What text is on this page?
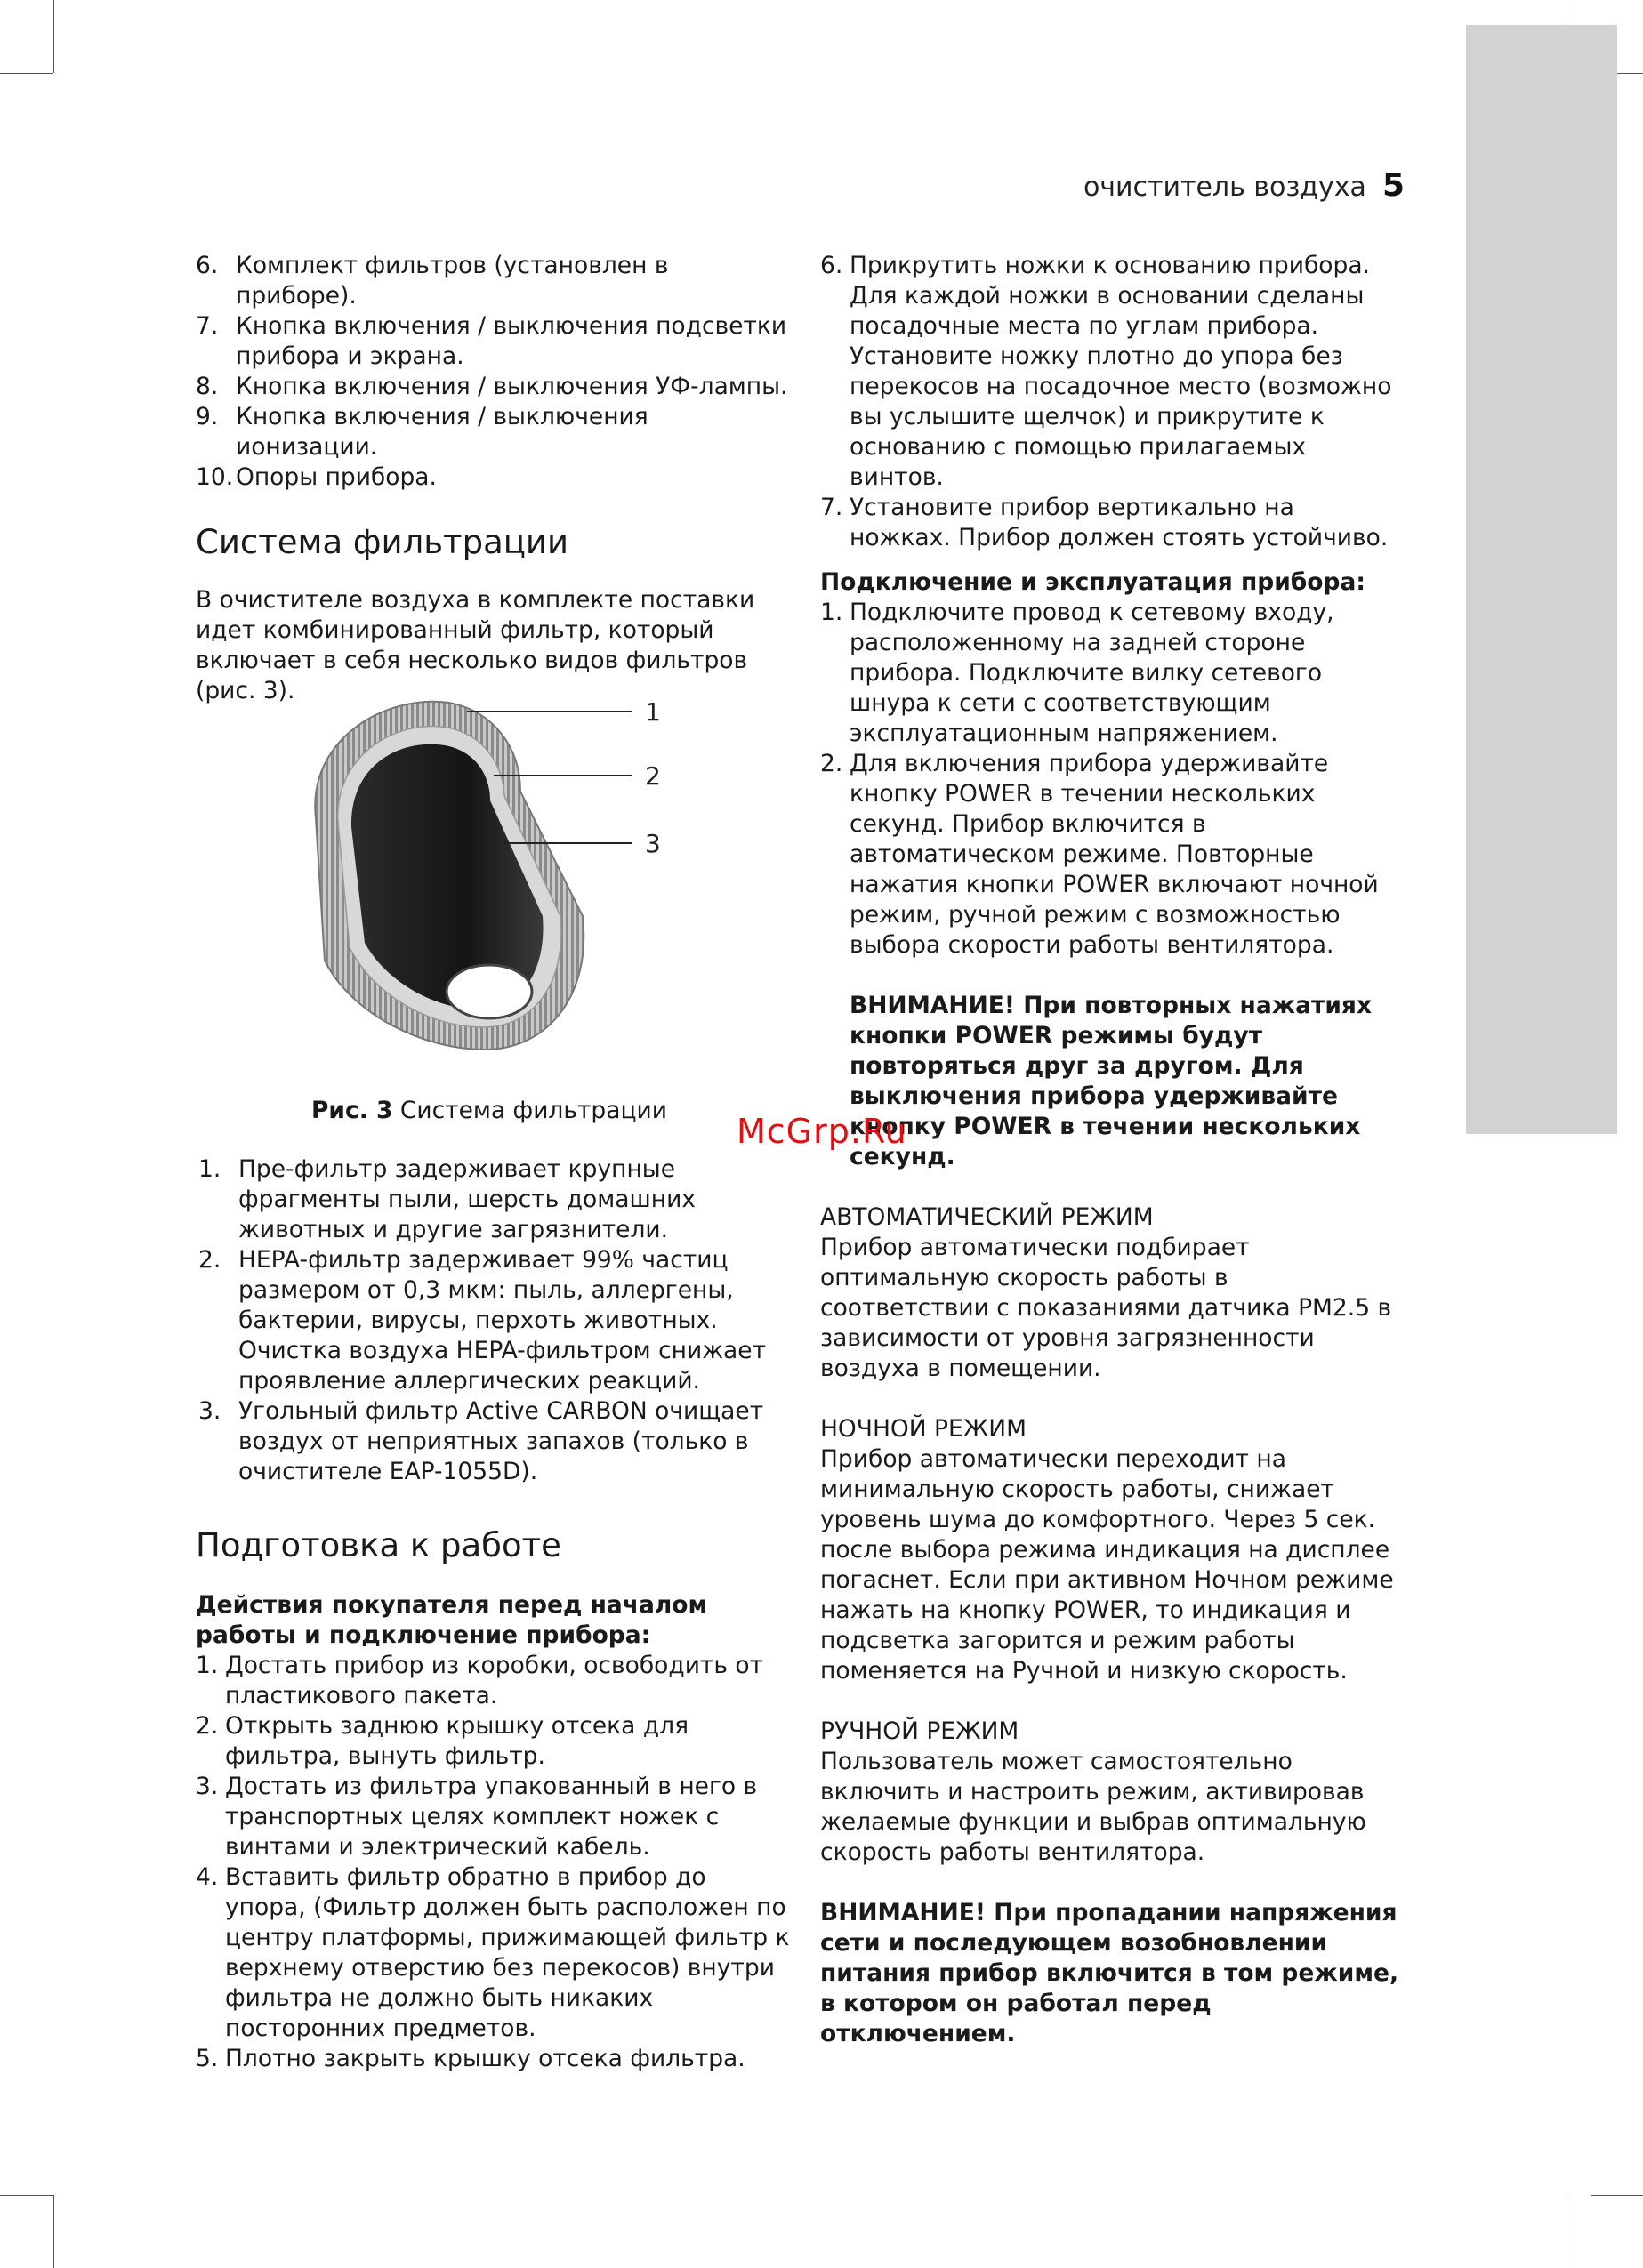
очиститель воздуха 5
6. Комплект фильтров (установлен в приборе).
7. Кнопка включения / выключения подсветки прибора и экрана.
8. Кнопка включения / выключения УФ-лампы.
9. Кнопка включения / выключения ионизации.
10. Опоры прибора.
Система фильтрации

В очистителе воздуха в комплекте поставки идет комбинированный фильтр, который включает в себя несколько видов фильтров (рис. 3).

1
2
3
Рис. 3 Система фильтрации
1. Пре-фильтр задерживает крупные фрагменты пыли, шерсть домашних животных и другие загрязнители.
2. HEPA-фильтр задерживает 99% частиц размером от 0,3 мкм: пыль, аллергены, бактерии, вирусы, перхоть животных. Очистка воздуха HEPA-фильтром снижает проявление аллергических реакций.
3. Угольный фильтр Active CARBON очищает воздух от неприятных запахов (только в очистителе EAP-1055D).
Подготовка к работе

Действия покупателя перед началом работы и подключение прибора:

1. Достать прибор из коробки, освободить от пластикового пакета.
2. Открыть заднюю крышку отсека для фильтра, вынуть фильтр.
3. Достать из фильтра упакованный в него в транспортных целях комплект ножек с винтами и электрический кабель.
4. Вставить фильтр обратно в прибор до упора, (Фильтр должен быть расположен по центру платформы, прижимающей фильтр к верхнему отверстию без перекосов) внутри фильтра не должно быть никаких посторонних предметов.
5. Плотно закрыть крышку отсека фильтра.
6. Прикрутить ножки к основанию прибора. Для каждой ножки в основании сделаны посадочные места по углам прибора. Установите ножку плотно до упора без перекосов на посадочное место (возможно вы услышите щелчок) и прикрутите к основанию с помощью прилагаемых винтов.
7. Установите прибор вертикально на ножках. Прибор должен стоять устойчиво.

Подключение и эксплуатация прибора:

1. Подключите провод к сетевому входу, расположенному на задней стороне прибора. Подключите вилку сетевого шнура к сети с соответствующим эксплуатационным напряжением.
2. Для включения прибора удерживайте кнопку POWER в течении нескольких секунд. Прибор включится в автоматическом режиме. Повторные нажатия кнопки POWER включают ночной режим, ручной режим с возможностью выбора скорости работы вентилятора.

ВНИМАНИЕ! При повторных нажатиях кнопки POWER режимы будут повторяться друг за другом. Для выключения прибора удерживайте кнопку POWER в течении нескольких секунд.

АВТОМАТИЧЕСКИЙ РЕЖИМ

Прибор автоматически подбирает оптимальную скорость работы в соответствии с показаниями датчика PM2.5 в зависимости от уровня загрязненности воздуха в помещении.

НОЧНОЙ РЕЖИМ

Прибор автоматически переходит на минимальную скорость работы, снижает уровень шума до комфортного. Через 5 сек. после выбора режима индикация на дисплее погаснет. Если при активном Ночном режиме нажать на кнопку POWER, то индикация и подсветка загорится и режим работы поменяется на Ручной и низкую скорость.

РУЧНОЙ РЕЖИМ

Пользователь может самостоятельно включить и настроить режим, активировав желаемые функции и выбрав оптимальную скорость работы вентилятора.

ВНИМАНИЕ! При пропадании напряжения сети и последующем возобновлении питания прибор включится в том режиме, в котором он работал перед отключением.

McGrp.Ru
